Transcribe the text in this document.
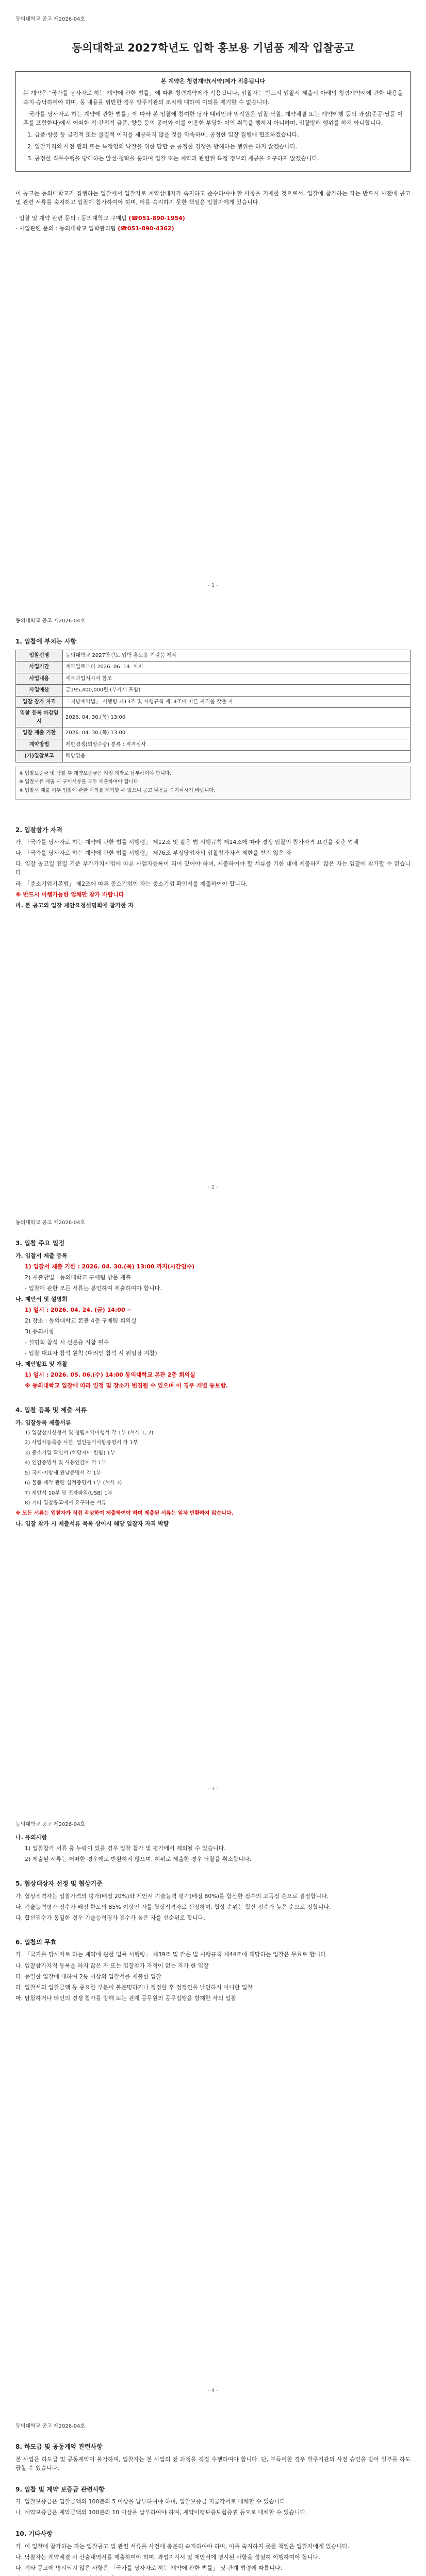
동의대학교 공고 제2026-04호
동의대학교 2027학년도 입학 홍보용 기념품 제작 입찰공고
본 계약은 청렴계약(서약)제가 적용됩니다

본 계약은 "국가를 당사자로 하는 계약에 관한 법률」에 따른 청렴계약제가 적용됩니다. 입찰자는 반드시 입찰서 제출시 아래의 청렴계약서에 관한 내용을 숙지·승낙하여야 하며, 동 내용을 위반한 경우 발주기관의 조치에 대하여 이의를 제기할 수 없습니다.

「국가를 당사자로 하는 계약에 관한 법률」에 따라 본 입찰에 참여한 당사 대리인과 임직원은 입찰·낙찰, 계약체결 또는 계약이행 등의 과정(준공·납품 이후를 포함한다)에서 어떠한 직·간접적 금품, 향응 등의 공여와 이를 이용한 부당한 이익 취득을 행하지 아니하며, 입찰방해 행위를 하지 아니합니다.

1. 금품·향응 등 금전적 또는 물질적 이익을 제공하지 않을 것을 약속하며, 공정한 입찰 집행에 협조하겠습니다.
2. 입찰가격의 사전 협의 또는 특정인의 낙찰을 위한 담합 등 공정한 경쟁을 방해하는 행위를 하지 않겠습니다.
3. 공정한 직무수행을 방해하는 알선·청탁을 통하여 입찰 또는 계약과 관련된 특정 정보의 제공을 요구하지 않겠습니다.
이 공고는 동의대학교가 집행하는 입찰에서 입찰자로 계약상대자가 속지하고 준수하여야 할 사항을 기재한 것으로서, 입찰에 참가하는 자는 반드시 사전에 공고 및 관련 서류를 숙지하고 입찰에 참가하여야 하며, 이를 숙지하지 못한 책임은 입찰자에게 있습니다.
· 입찰 및 계약 관련 문의 : 동의대학교 구매팀 (☎051-890-1954)
· 사업관련 문의 : 동의대학교 입학관리팀 (☎051-890-4362)
- 1 -
동의대학교 공고 제2026-04호
1. 입찰에 부치는 사항
입찰건명	동의대학교 2027학년도 입학 홍보용 기념품 제작
사업기간	계약일로부터 2026. 06. 14. 까지
사업내용	세부과업지시서 참조
사업예산	금195,400,000원 (부가세 포함)
입찰 참가 자격	「지방계약법」 시행령 제13조 및 시행규칙 제14조에 따른 자격을 갖춘 자
입찰 등록 마감일시	2026. 04. 30.(목) 13:00
입찰 제출 기한	2026. 04. 30.(목) 13:00
계약방법	제한경쟁(희망수량) 분류 : 적격심사
(가)입찰보고	해당없음
※ 입찰보증금 및 낙찰 후 계약보증금은 지정 계좌로 납부하여야 합니다.
※ 입찰서류 제출 시 구비서류를 모두 제출하여야 합니다.
※ 입찰서 제출 이후 입찰에 관한 이의를 제기할 수 없으니 공고 내용을 숙지하시기 바랍니다.
2. 입찰참가 자격
가. 「국가를 당사자로 하는 계약에 관한 법률 시행령」 제12조 및 같은 법 시행규칙 제14조에 따라 경쟁 입찰의 참가자격 요건을 갖춘 업체
나. 「국가를 당사자로 하는 계약에 관한 법률 시행령」 제76조 부정당업자의 입찰참가자격 제한을 받지 않은 자
다. 입찰 공고일 전일 기준 부가가치세법에 따른 사업자등록이 되어 있어야 하며, 제출하여야 할 서류를 기한 내에 제출하지 않은 자는 입찰에 참가할 수 없습니다.
라. 「중소기업기본법」 제2조에 따른 중소기업인 자는 중소기업 확인서를 제출하여야 합니다.
※ 반드시 이행가능한 업체만 참가 바랍니다
마. 본 공고의 입찰 제안요청설명회에 참가한 자
- 2 -
동의대학교 공고 제2026-04호
3. 입찰 주요 일정
가. 입찰서 제출 등록
1) 입찰서 제출 기한 : 2026. 04. 30.(목) 13:00 까지(시간엄수)
2) 제출방법 : 동의대학교 구매팀 방문 제출
- 입찰에 관한 모든 서류는 봉인하여 제출하여야 합니다.
나. 제안서 및 설명회
1) 일시 : 2026. 04. 24. (금) 14:00 ~
2) 장소 : 동의대학교 본관 4층 구매팀 회의실
3) 유의사항
- 설명회 참석 시 신분증 지참 필수
- 입찰 대표자 참석 원칙 (대리인 참석 시 위임장 지참)
다. 제안발표 및 개찰
1) 일시 : 2026. 05. 06.(수) 14:00 동의대학교 본관 2층 회의실
※ 동의대학교 입찰에 따라 일정 및 장소가 변경될 수 있으며 이 경우 개별 통보함.
4. 입찰 등록 및 제출 서류
가. 입찰등록 제출서류
1) 입찰참가신청서 및 청렴계약이행서 각 1부 (서식 1, 2)
2) 사업자등록증 사본, 법인등기사항증명서 각 1부
3) 중소기업 확인서 (해당자에 한함) 1부
4) 인감증명서 및 사용인감계 각 1부
5) 국세·지방세 완납증명서 각 1부
6) 물품 제작 관련 실적증명서 1부 (서식 3)
7) 제안서 10부 및 전자파일(USB) 1부
8) 기타 입찰공고에서 요구하는 서류
※ 모든 서류는 입찰자가 직접 작성하여 제출하여야 하며 제출된 서류는 일체 반환하지 않습니다.
나. 입찰 참가 시 제출서류 목록 상이시 해당 입찰자 자격 박탈
- 3 -
동의대학교 공고 제2026-04호
나. 유의사항
1) 입찰참가 서류 중 누락이 있을 경우 입찰 참가 및 평가에서 제외될 수 있습니다.
2) 제출된 서류는 어떠한 경우에도 반환하지 않으며, 허위로 제출한 경우 낙찰을 취소합니다.
5. 협상대상자 선정 및 협상기준
가. 협상적격자는 입찰가격의 평가(배점 20%)와 제안서 기술능력 평가(배점 80%)를 합산한 점수의 고득점 순으로 결정합니다.
나. 기술능력평가 점수가 배점 한도의 85% 이상인 자를 협상적격자로 선정하며, 협상 순위는 합산 점수가 높은 순으로 정합니다.
다. 합산점수가 동일한 경우 기술능력평가 점수가 높은 자를 선순위로 합니다.
6. 입찰의 무효
가. 「국가를 당사자로 하는 계약에 관한 법률 시행령」 제39조 및 같은 법 시행규칙 제44조에 해당하는 입찰은 무효로 합니다.
나. 입찰참가자격 등록을 하지 않은 자 또는 입찰참가 자격이 없는 자가 한 입찰
다. 동일한 입찰에 대하여 2통 이상의 입찰서를 제출한 입찰
라. 입찰서의 입찰금액 등 중요한 부분이 불분명하거나 정정한 후 정정인을 날인하지 아니한 입찰
마. 담합하거나 타인의 경쟁 참가를 방해 또는 관계 공무원의 공무집행을 방해한 자의 입찰
- 4 -
동의대학교 공고 제2026-04호
8. 하도급 및 공동계약 관련사항
본 사업은 하도급 및 공동계약이 불가하며, 입찰자는 본 사업의 전 과정을 직접 수행하여야 합니다. 단, 부득이한 경우 발주기관의 사전 승인을 받아 일부를 하도급할 수 있습니다.
9. 입찰 및 계약 보증금 관련사항
가. 입찰보증금은 입찰금액의 100분의 5 이상을 납부하여야 하며, 입찰보증금 지급각서로 대체할 수 있습니다.
나. 계약보증금은 계약금액의 100분의 10 이상을 납부하여야 하며, 계약이행보증보험증권 등으로 대체할 수 있습니다.
10. 기타사항
가. 이 입찰에 참가하는 자는 입찰공고 및 관련 서류를 사전에 충분히 숙지하여야 하며, 이를 숙지하지 못한 책임은 입찰자에게 있습니다.
나. 낙찰자는 계약체결 시 산출내역서를 제출하여야 하며, 과업지시서 및 제안서에 명시된 사항을 성실히 이행하여야 합니다.
다. 기타 공고에 명시되지 않은 사항은 「국가를 당사자로 하는 계약에 관한 법률」 및 관계 법령에 따릅니다.
